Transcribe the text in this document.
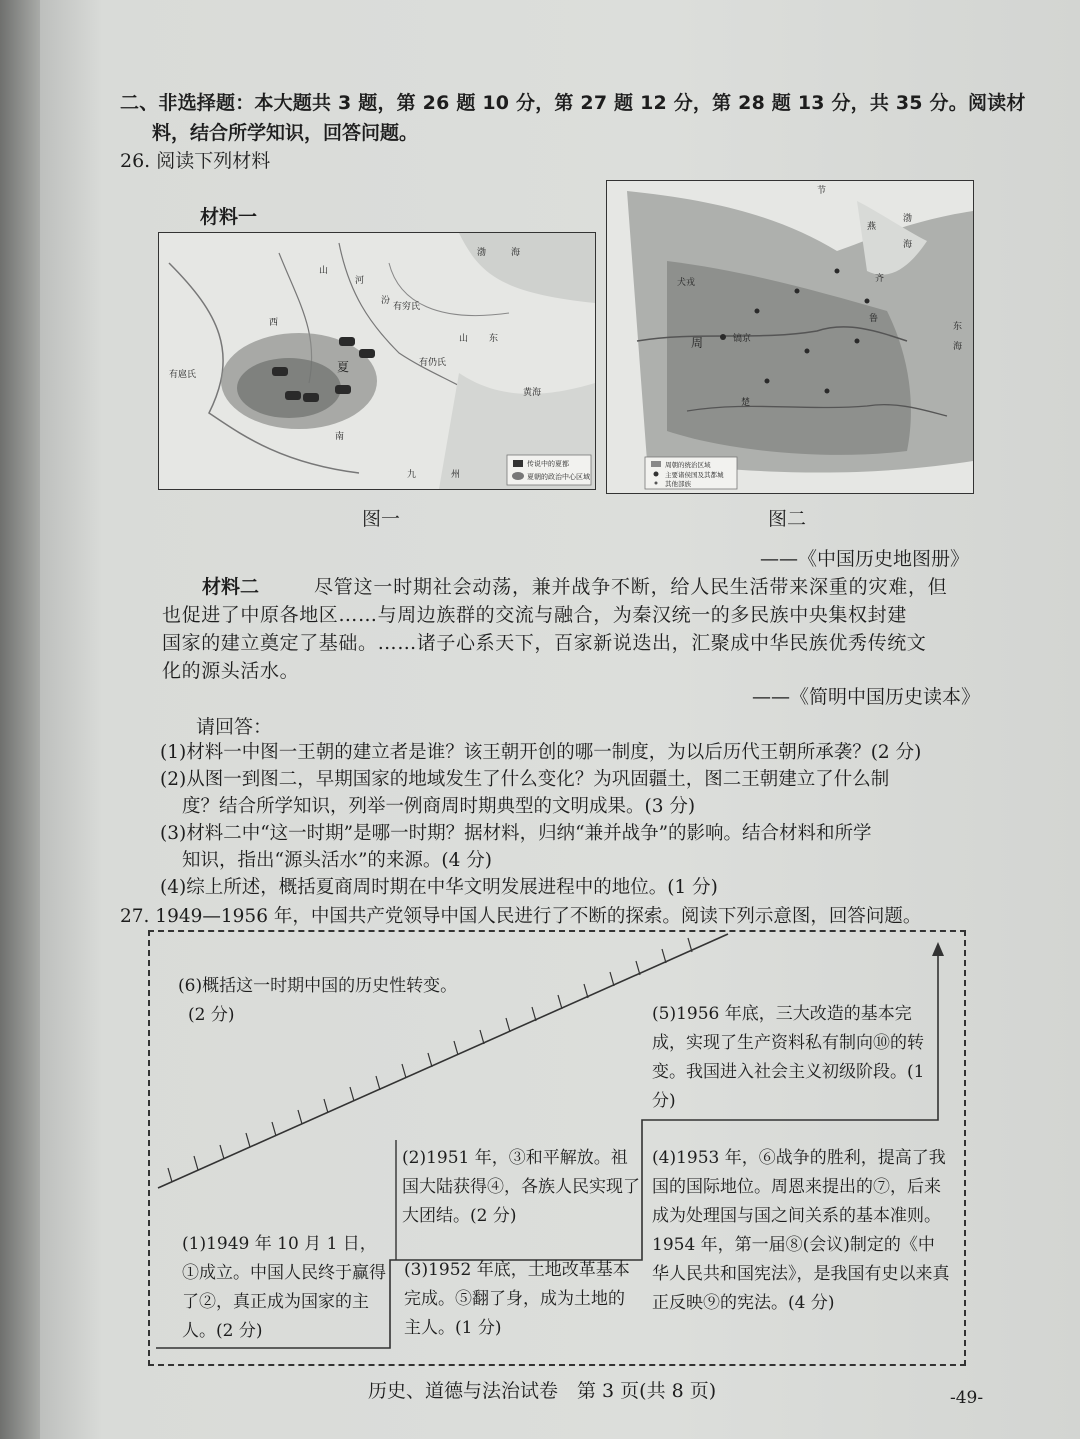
二、非选择题：本大题共 3 题，第 26 题 10 分，第 27 题 12 分，第 28 题 13 分，共 35 分。阅读材
料，结合所学知识，回答问题。
26. 阅读下列材料
材料一
传说中的夏都
夏朝的政治中心区域
山
河
渤	海
有穷氏
夏	有仍氏
黄海
九	州
有扈氏
西
南
汾
东
山
周朝的统治区域
主要诸侯国及其都城
其他部族
周	镐京
齐
鲁
燕
渤
海
东
海
犬戎
楚
节
图一	图二
——《中国历史地图册》
材料二	尽管这一时期社会动荡，兼并战争不断，给人民生活带来深重的灾难，但
也促进了中原各地区……与周边族群的交流与融合，为秦汉统一的多民族中央集权封建
国家的建立奠定了基础。……诸子心系天下，百家新说迭出，汇聚成中华民族优秀传统文
化的源头活水。
——《简明中国历史读本》
请回答：
(1)材料一中图一王朝的建立者是谁？该王朝开创的哪一制度，为以后历代王朝所承袭？(2 分)
(2)从图一到图二，早期国家的地域发生了什么变化？为巩固疆土，图二王朝建立了什么制
度？结合所学知识，列举一例商周时期典型的文明成果。(3 分)
(3)材料二中“这一时期”是哪一时期？据材料，归纳“兼并战争”的影响。结合材料和所学
知识，指出“源头活水”的来源。(4 分)
(4)综上所述，概括夏商周时期在中华文明发展进程中的地位。(1 分)
27. 1949—1956 年，中国共产党领导中国人民进行了不断的探索。阅读下列示意图，回答问题。
(6)概括这一时期中国的历史性转变。
(2 分)	(5)1956 年底，三大改造的基本完成，实现了生产资料私有制向⑩的转变。我国进入社会主义初级阶段。(1 分)
(2)1951 年，③和平解放。祖国大陆获得④，各族人民实现了大团结。(2 分)
(4)1953 年，⑥战争的胜利，提高了我国的国际地位。周恩来提出的⑦，后来成为处理国与国之间关系的基本准则。1954 年，第一届⑧(会议)制定的《中华人民共和国宪法》，是我国有史以来真正反映⑨的宪法。(4 分)
(1)1949 年 10 月 1 日，①成立。中国人民终于赢得了②，真正成为国家的主人。(2 分)
(3)1952 年底，土地改革基本完成。⑤翻了身，成为土地的主人。(1 分)
历史、道德与法治试卷　第 3 页(共 8 页)	-49-
